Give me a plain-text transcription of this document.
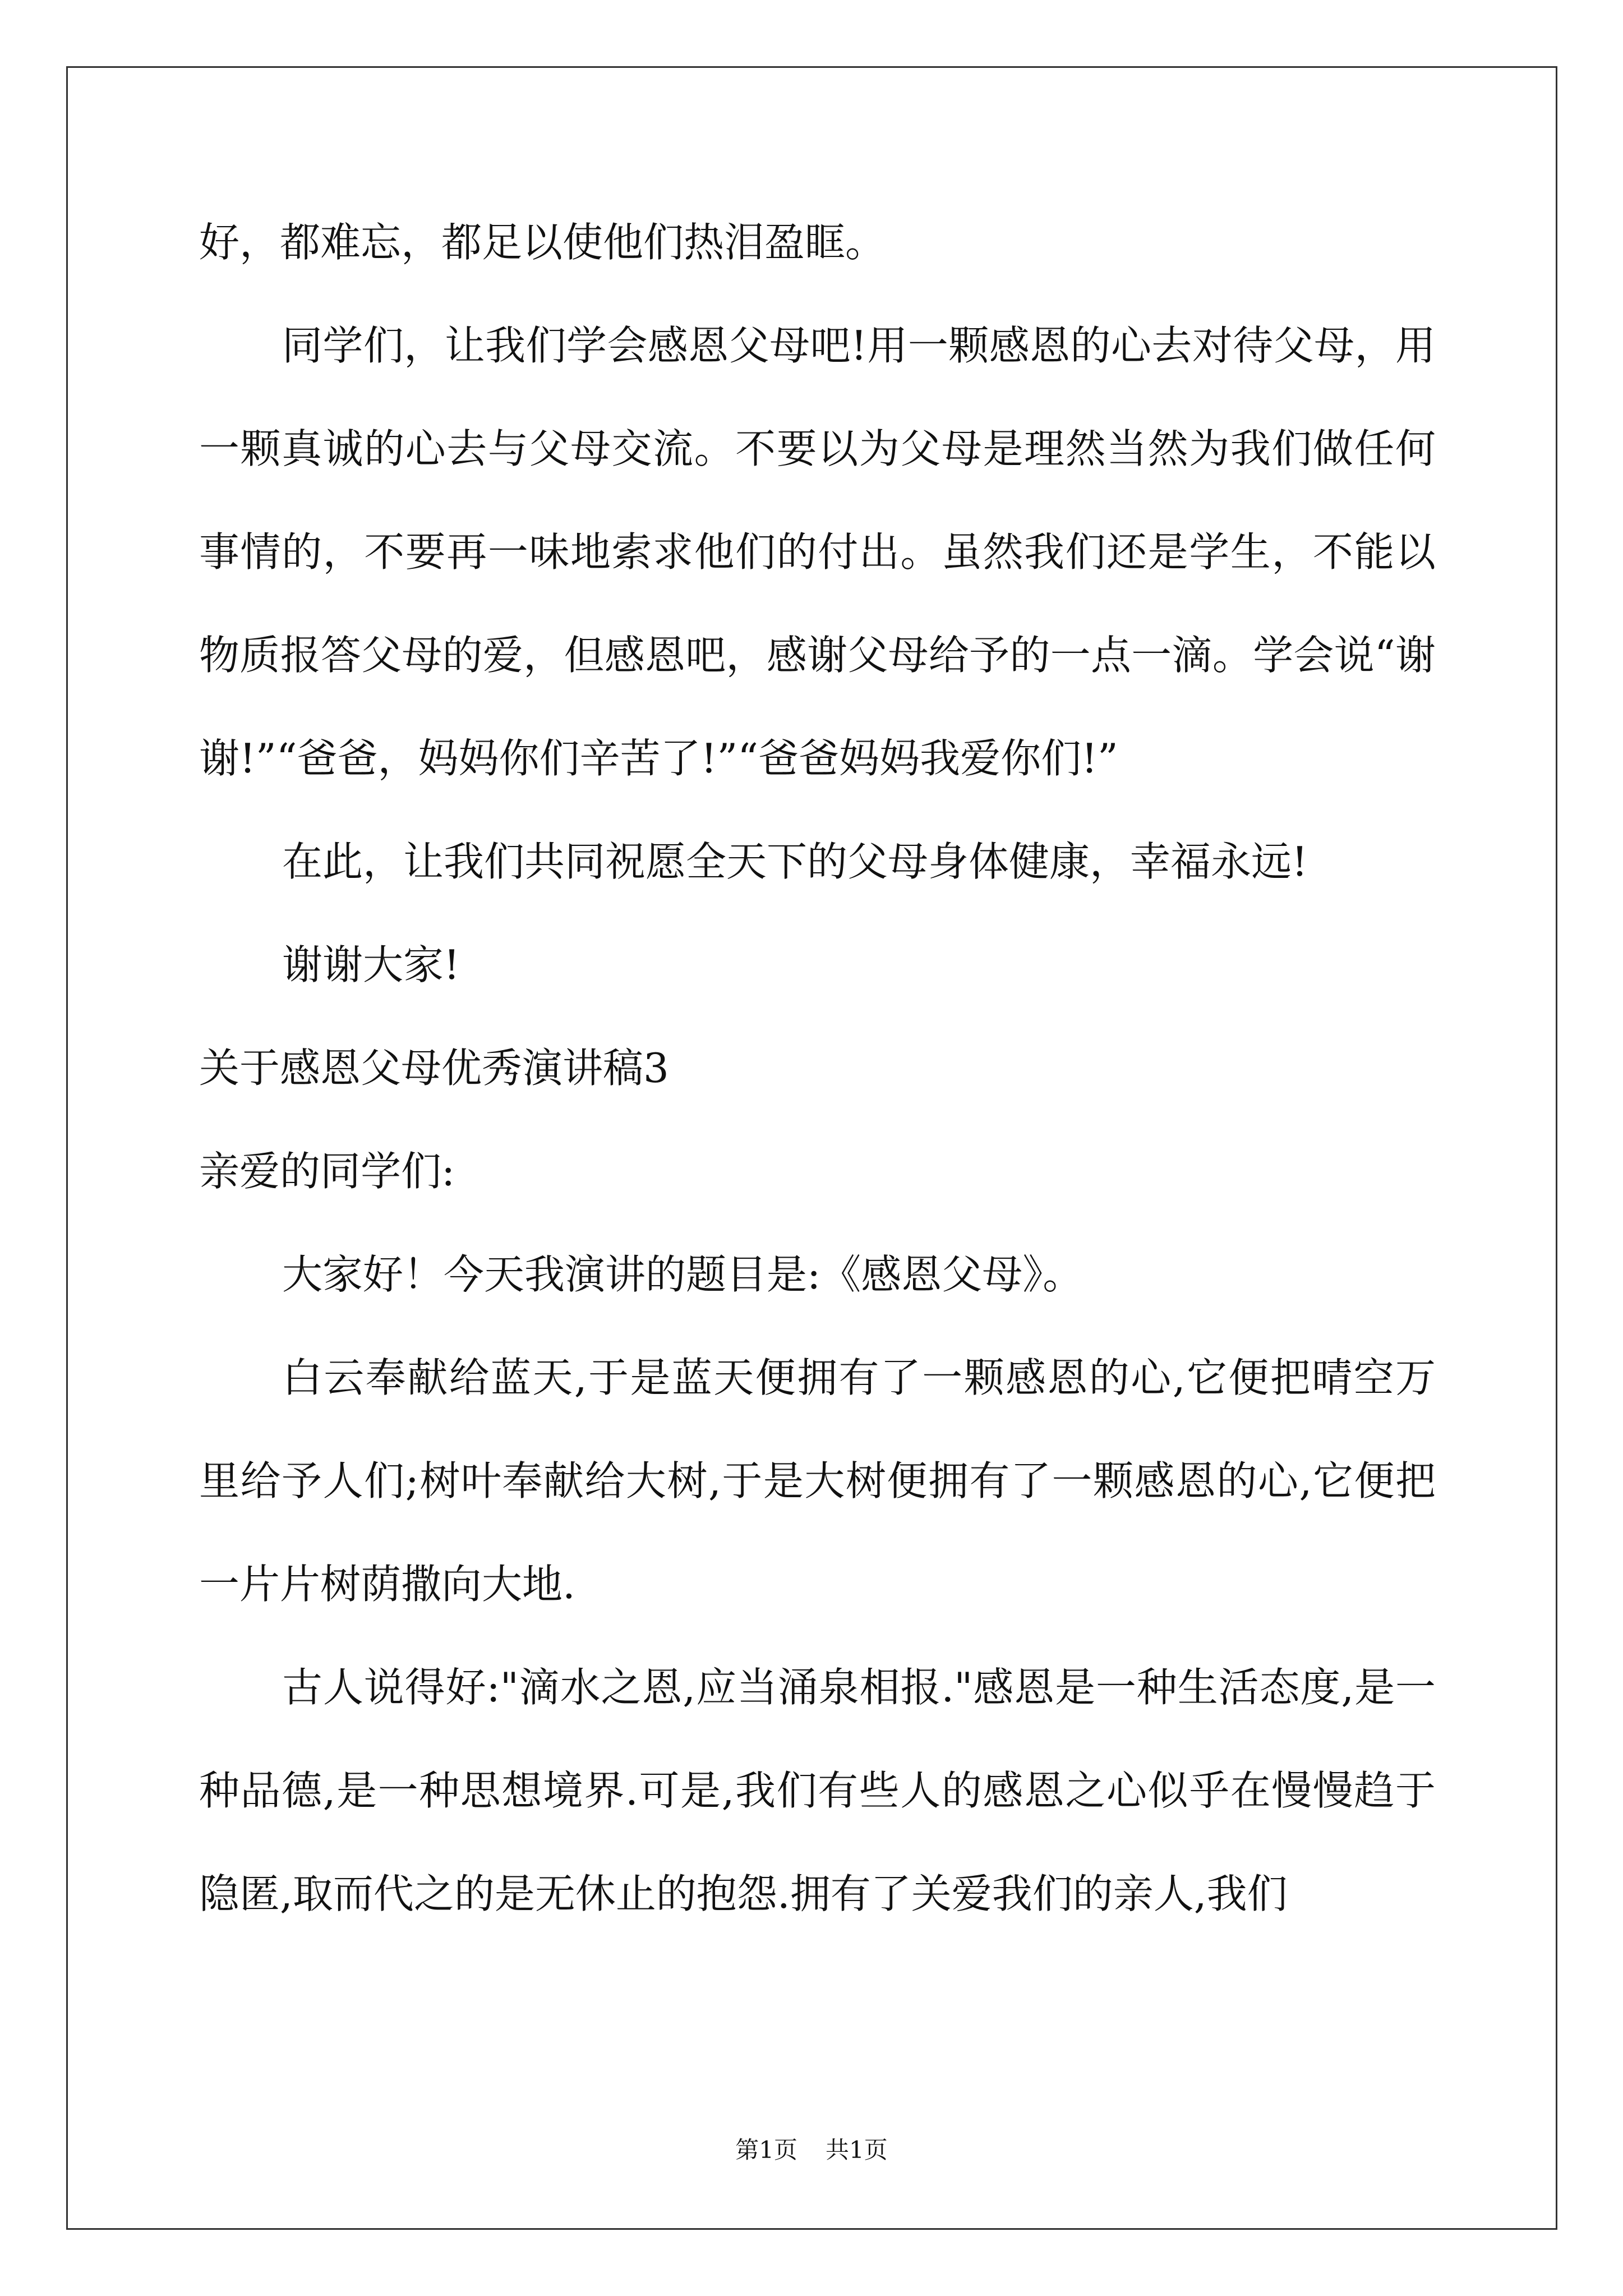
好，都难忘，都足以使他们热泪盈眶。

同学们，让我们学会感恩父母吧!用一颗感恩的心去对待父母，用一颗真诚的心去与父母交流。不要以为父母是理然当然为我们做任何事情的，不要再一味地索求他们的付出。虽然我们还是学生，不能以物质报答父母的爱，但感恩吧，感谢父母给予的一点一滴。学会说“谢谢!”“爸爸，妈妈你们辛苦了!”“爸爸妈妈我爱你们!”

在此，让我们共同祝愿全天下的父母身体健康，幸福永远!

谢谢大家!

关于感恩父母优秀演讲稿3

亲爱的同学们:

大家好！今天我演讲的题目是:《感恩父母》。

白云奉献给蓝天,于是蓝天便拥有了一颗感恩的心,它便把晴空万里给予人们;树叶奉献给大树,于是大树便拥有了一颗感恩的心,它便把一片片树荫撒向大地.

古人说得好:"滴水之恩,应当涌泉相报."感恩是一种生活态度,是一种品德,是一种思想境界.可是,我们有些人的感恩之心似乎在慢慢趋于隐匿,取而代之的是无休止的抱怨.拥有了关爱我们的亲人,我们

第1页 共1页
